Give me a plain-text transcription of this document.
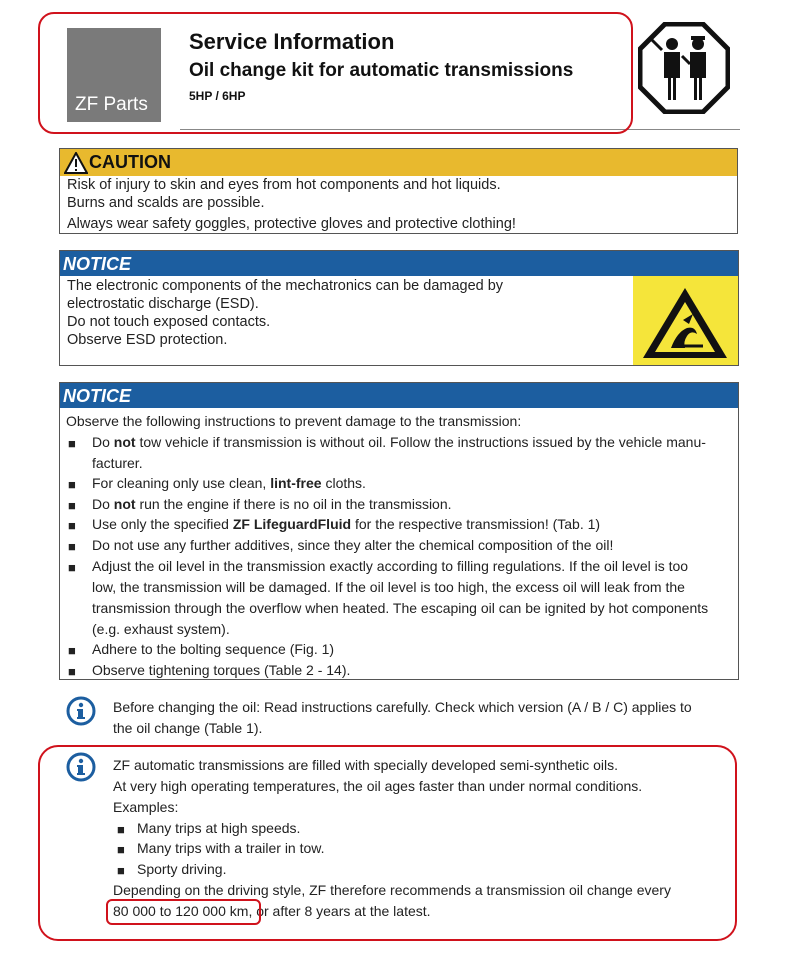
ZF Parts
Service Information
Oil change kit for automatic transmissions
5HP / 6HP
CAUTION
Risk of injury to skin and eyes from hot components and hot liquids.
Burns and scalds are possible.
Always wear safety goggles, protective gloves and protective clothing!
NOTICE
The electronic components of the mechatronics can be damaged by
electrostatic discharge (ESD).
Do not touch exposed contacts.
Observe ESD protection.
NOTICE
Observe the following instructions to prevent damage to the transmission:
■ Do not tow vehicle if transmission is without oil. Follow the instructions issued by the vehicle manu-
facturer.
■ For cleaning only use clean, lint-free cloths.
■ Do not run the engine if there is no oil in the transmission.
■ Use only the specified ZF LifeguardFluid for the respective transmission! (Tab. 1)
■ Do not use any further additives, since they alter the chemical composition of the oil!
■ Adjust the oil level in the transmission exactly according to filling regulations. If the oil level is too
low, the transmission will be damaged. If the oil level is too high, the excess oil will leak from the
transmission through the overflow when heated. The escaping oil can be ignited by hot components
(e.g. exhaust system).
■ Adhere to the bolting sequence (Fig. 1)
■ Observe tightening torques (Table 2 - 14).
Before changing the oil: Read instructions carefully. Check which version (A / B / C) applies to
the oil change (Table 1).
ZF automatic transmissions are filled with specially developed semi-synthetic oils.
At very high operating temperatures, the oil ages faster than under normal conditions.
Examples:
■ Many trips at high speeds.
■ Many trips with a trailer in tow.
■ Sporty driving.
Depending on the driving style, ZF therefore recommends a transmission oil change every
80 000 to 120 000 km, or after 8 years at the latest.
